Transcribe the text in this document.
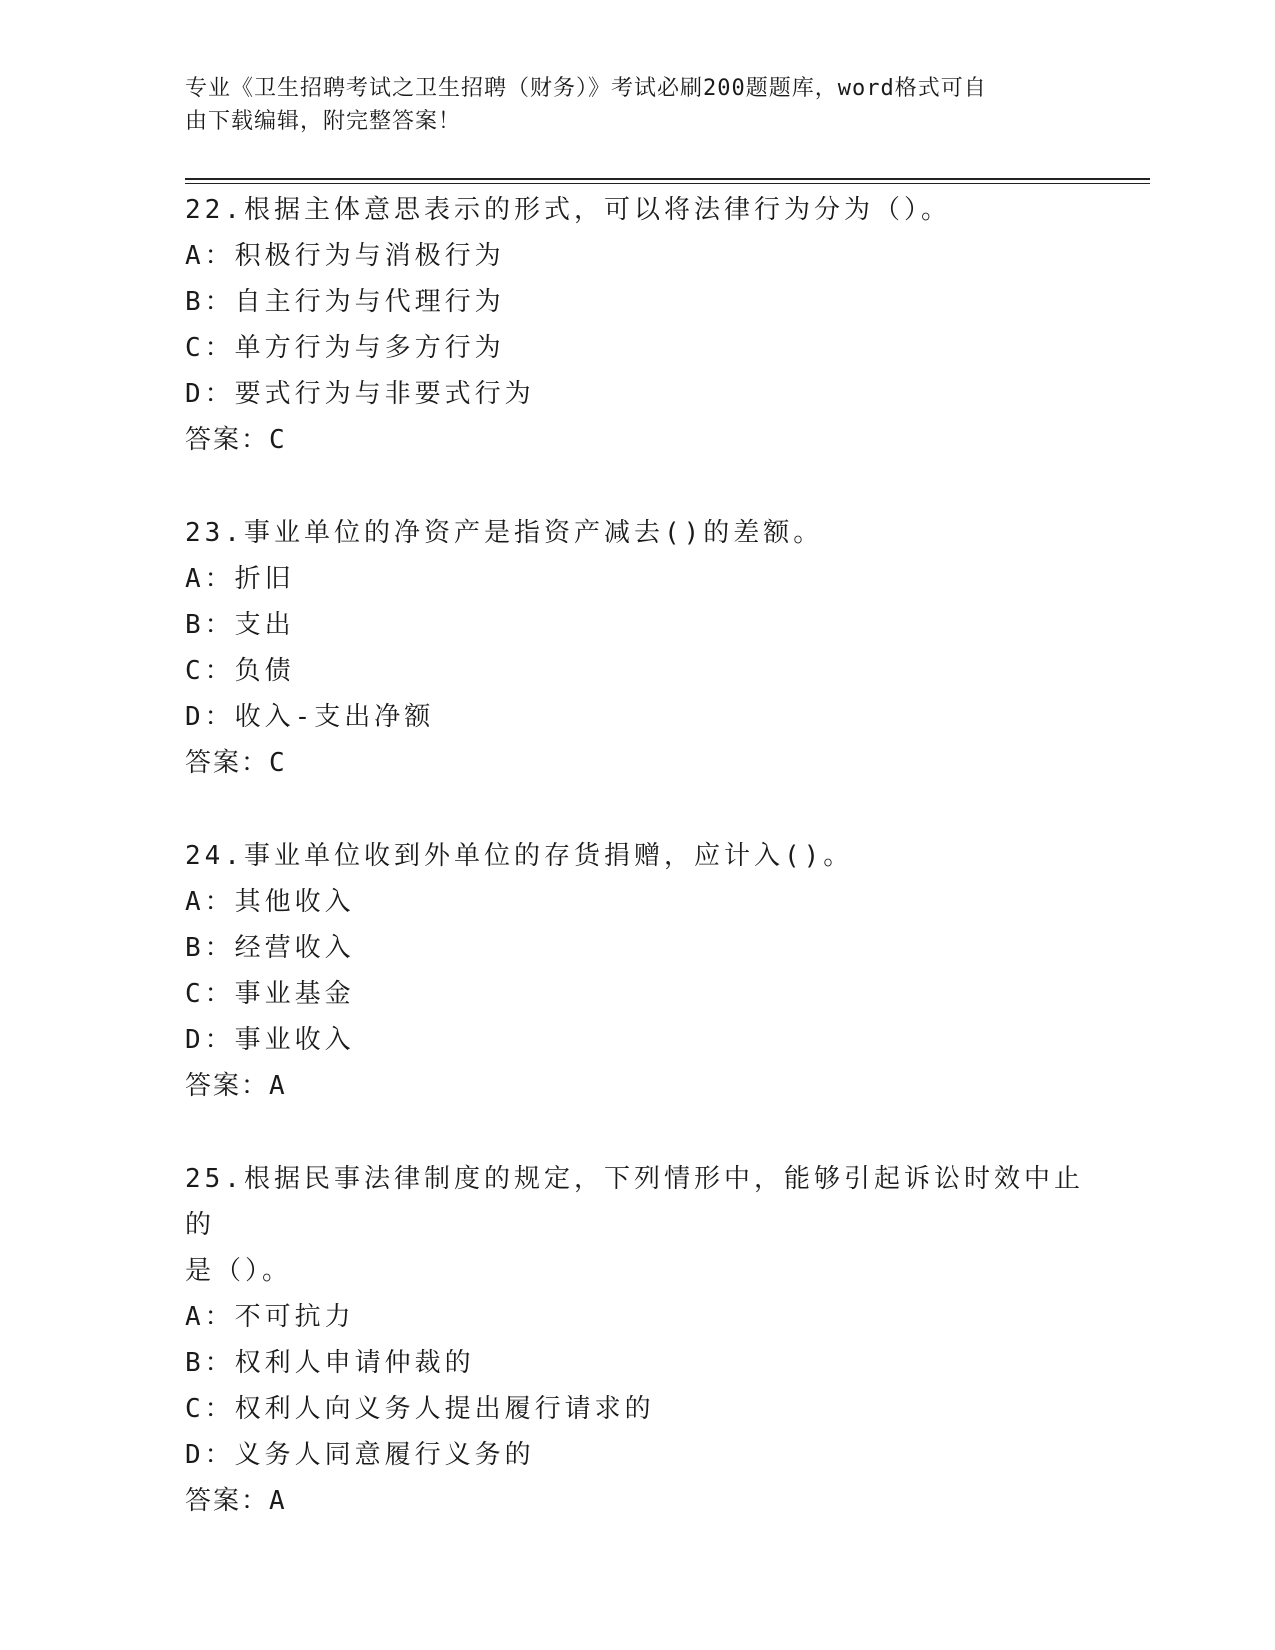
专业《卫生招聘考试之卫生招聘（财务）》考试必刷200题题库，word格式可自
由下载编辑，附完整答案！
22.根据主体意思表示的形式，可以将法律行为分为（）。
A：积极行为与消极行为
B：自主行为与代理行为
C：单方行为与多方行为
D：要式行为与非要式行为
答案：C
23.事业单位的净资产是指资产减去()的差额。
A：折旧
B：支出
C：负债
D：收入-支出净额
答案：C
24.事业单位收到外单位的存货捐赠，应计入()。
A：其他收入
B：经营收入
C：事业基金
D：事业收入
答案：A
25.根据民事法律制度的规定，下列情形中，能够引起诉讼时效中止的
是（）。
A：不可抗力
B：权利人申请仲裁的
C：权利人向义务人提出履行请求的
D：义务人同意履行义务的
答案：A
